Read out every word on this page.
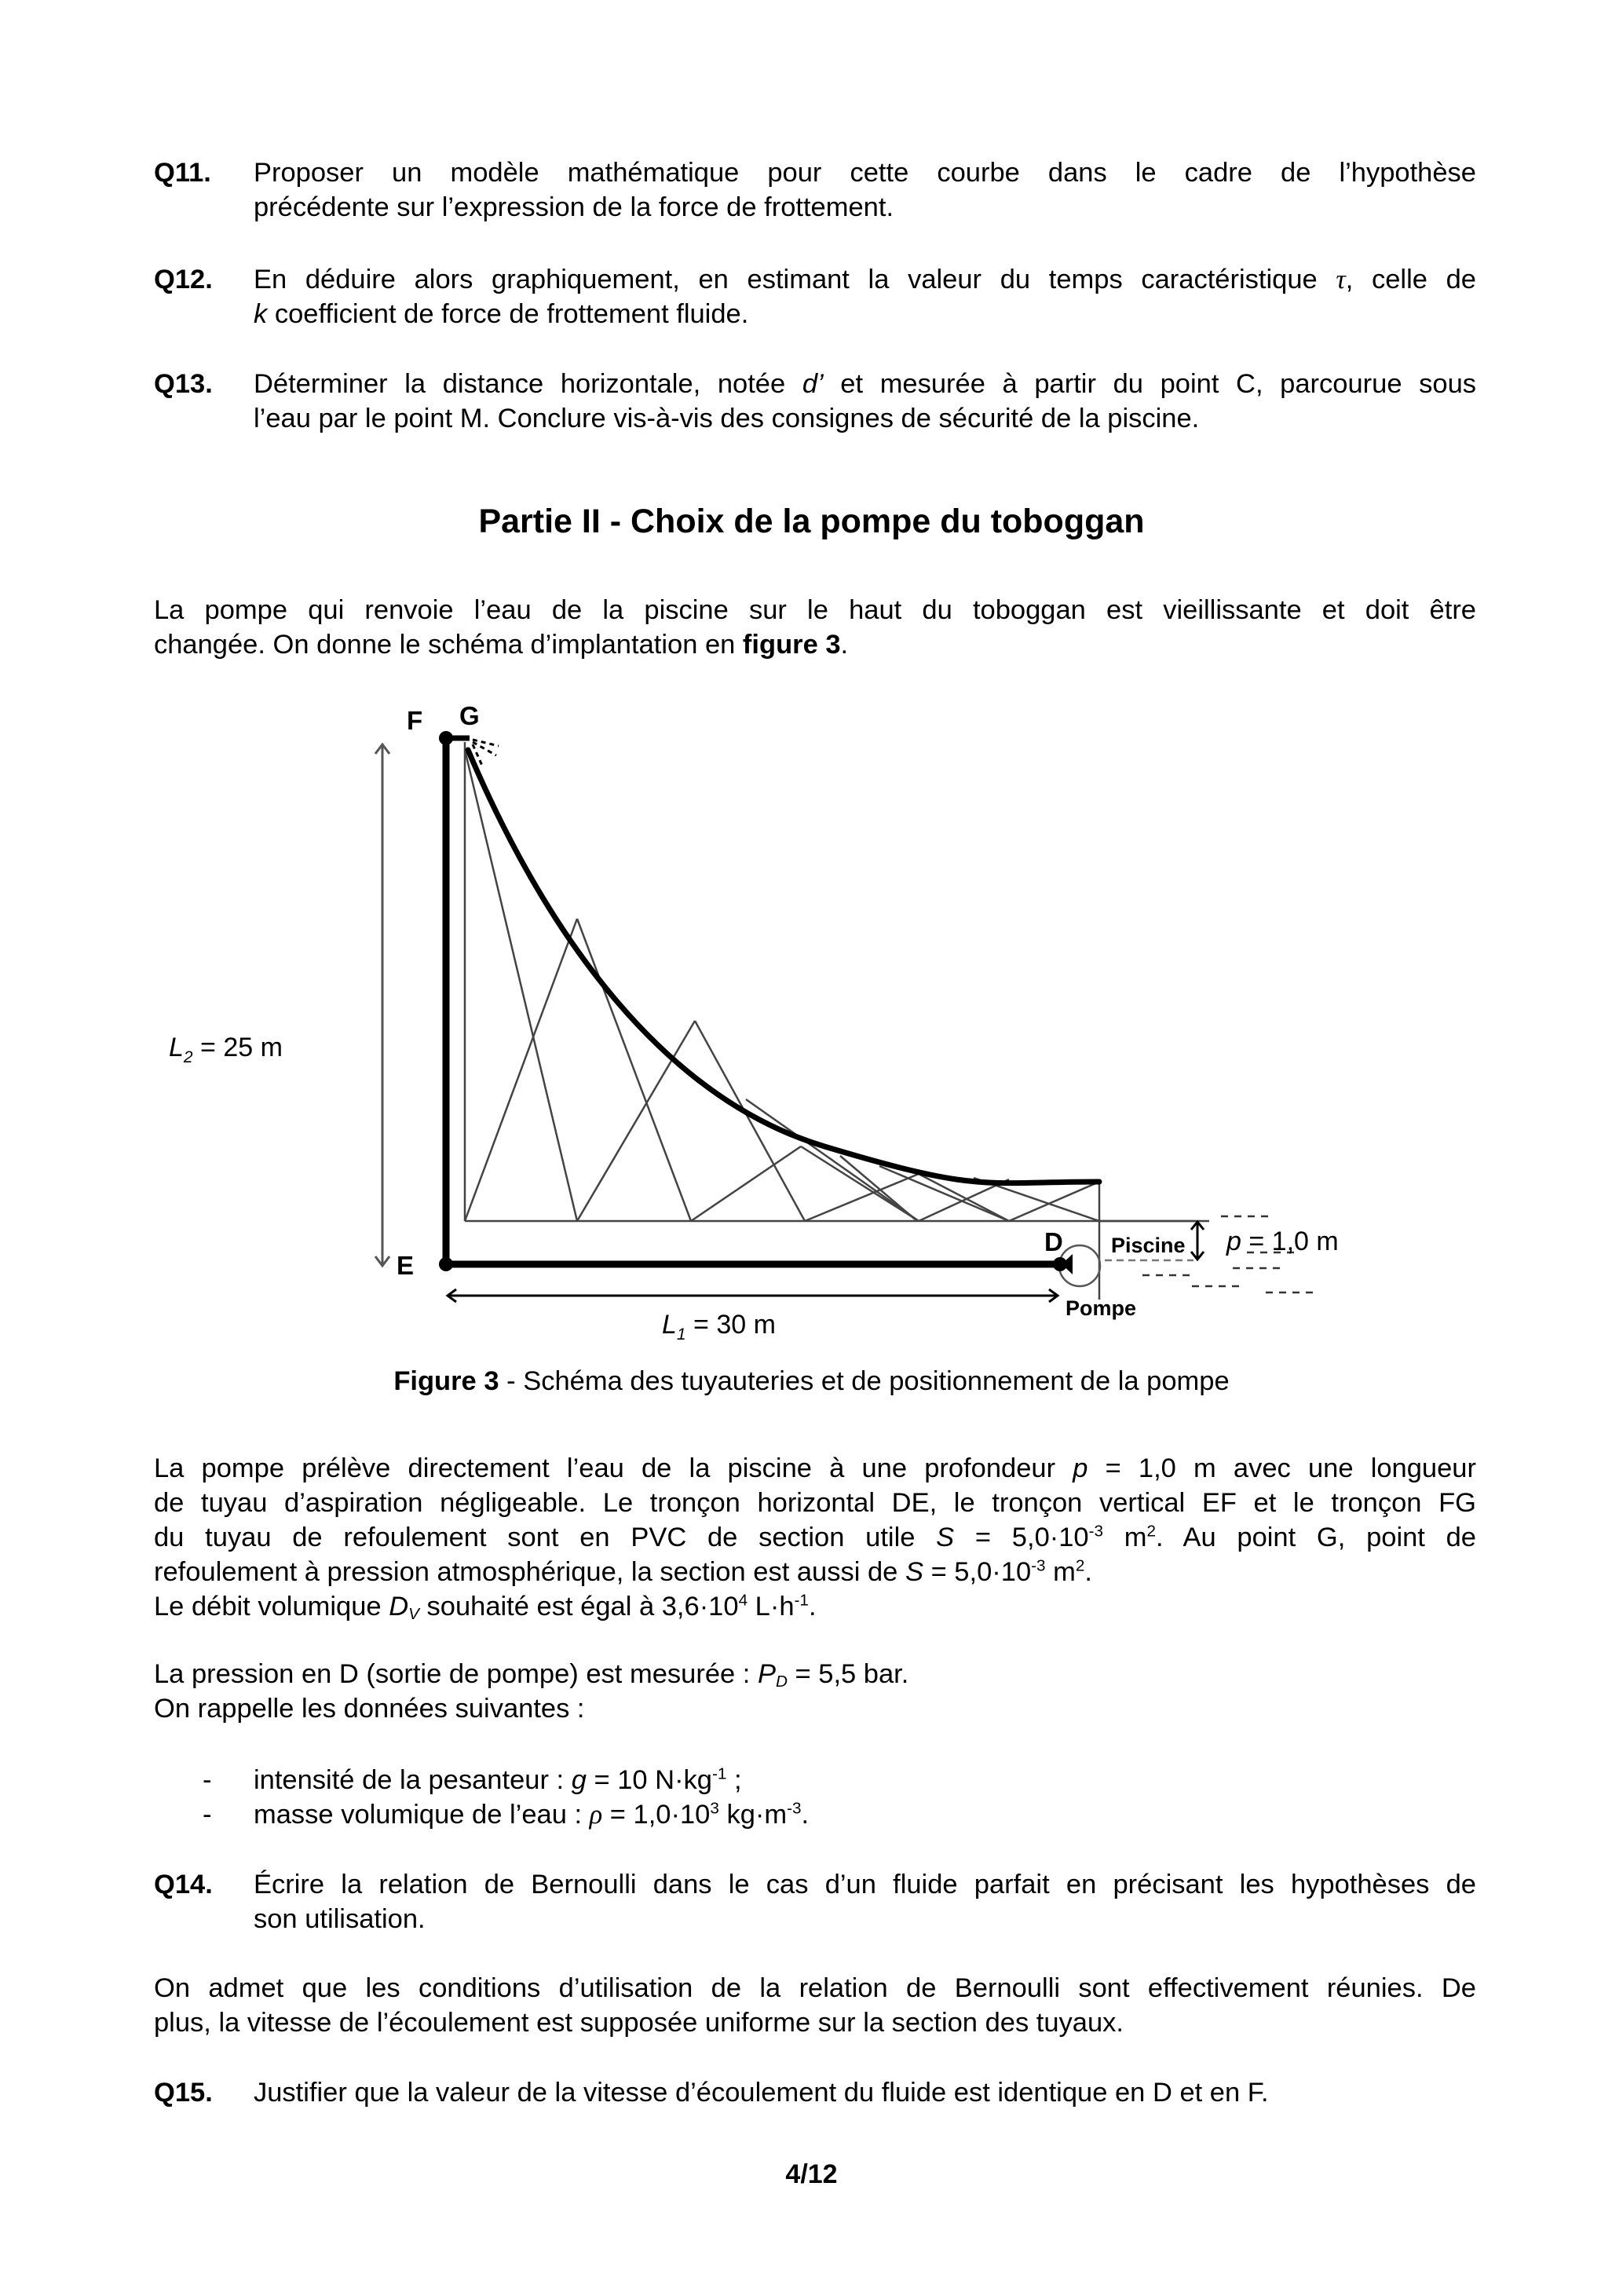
Q11. Proposer un modèle mathématique pour cette courbe dans le cadre de l’hypothèse
précédente sur l’expression de la force de frottement.
Q12. En déduire alors graphiquement, en estimant la valeur du temps caractéristique τ, celle de
k coefficient de force de frottement fluide.
Q13. Déterminer la distance horizontale, notée d’ et mesurée à partir du point C, parcourue sous
l’eau par le point M. Conclure vis-à-vis des consignes de sécurité de la piscine.
Partie II - Choix de la pompe du toboggan
La pompe qui renvoie l’eau de la piscine sur le haut du toboggan est vieillissante et doit être
changée. On donne le schéma d’implantation en figure 3.
F G
E
D Piscine
Pompe
$L_2 = 25$ m
$L_1 = 30$ m
p = 1,0 m
Figure 3 - Schéma des tuyauteries et de positionnement de la pompe
La pompe prélève directement l’eau de la piscine à une profondeur p = 1,0 m avec une longueur
de tuyau d’aspiration négligeable. Le tronçon horizontal DE, le tronçon vertical EF et le tronçon FG
du tuyau de refoulement sont en PVC de section utile $S = 5,0\cdot 10^{-3}$ $m^2$. Au point G, point de
refoulement à pression atmosphérique, la section est aussi de $S = 5,0\cdot 10^{-3}$ $m^2$.
Le débit volumique $D_V$ souhaité est égal à $3,6\cdot 10^4$ $L\cdot h^{-1}$.
La pression en D (sortie de pompe) est mesurée : $P_D = 5,5$ bar.
On rappelle les données suivantes :
- intensité de la pesanteur : g = 10 $N\cdot kg^{-1}$ ;
- masse volumique de l’eau : $\rho = 1,0\cdot 10^3$ $kg\cdot m^{-3}$.
Q14. Écrire la relation de Bernoulli dans le cas d’un fluide parfait en précisant les hypothèses de
son utilisation.
On admet que les conditions d’utilisation de la relation de Bernoulli sont effectivement réunies. De
plus, la vitesse de l’écoulement est supposée uniforme sur la section des tuyaux.
Q15. Justifier que la valeur de la vitesse d’écoulement du fluide est identique en D et en F.
4/12
